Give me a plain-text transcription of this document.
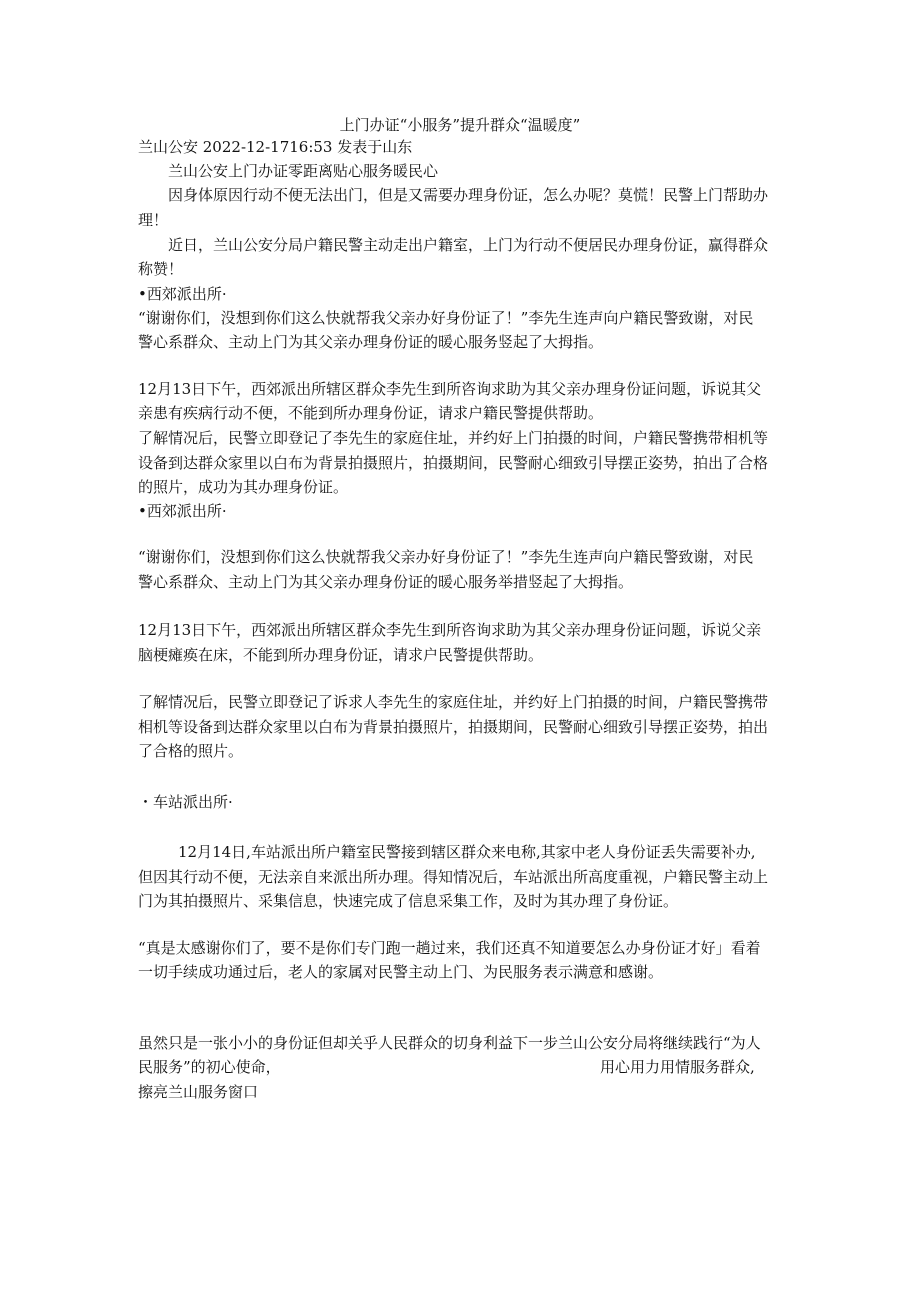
上门办证“小服务”提升群众“温暖度”

兰山公安 2022-12-1716:53 发表于山东

兰山公安上门办证零距离贴心服务暖民心

因身体原因行动不便无法出门，但是又需要办理身份证，怎么办呢？莫慌！民警上门帮助办

理！

近日，兰山公安分局户籍民警主动走出户籍室，上门为行动不便居民办理身份证，赢得群众

称赞！

•西郊派出所·

“谢谢你们，没想到你们这么快就帮我父亲办好身份证了！”李先生连声向户籍民警致谢，对民

警心系群众、主动上门为其父亲办理身份证的暖心服务竖起了大拇指。

12月13日下午，西郊派出所辖区群众李先生到所咨询求助为其父亲办理身份证问题，诉说其父

亲患有疾病行动不便，不能到所办理身份证，请求户籍民警提供帮助。

了解情况后，民警立即登记了李先生的家庭住址，并约好上门拍摄的时间，户籍民警携带相机等

设备到达群众家里以白布为背景拍摄照片，拍摄期间，民警耐心细致引导摆正姿势，拍出了合格

的照片，成功为其办理身份证。

•西郊派出所·

“谢谢你们，没想到你们这么快就帮我父亲办好身份证了！”李先生连声向户籍民警致谢，对民

警心系群众、主动上门为其父亲办理身份证的暖心服务举措竖起了大拇指。

12月13日下午，西郊派出所辖区群众李先生到所咨询求助为其父亲办理身份证问题，诉说父亲

脑梗瘫痪在床，不能到所办理身份证，请求户民警提供帮助。

了解情况后，民警立即登记了诉求人李先生的家庭住址，并约好上门拍摄的时间，户籍民警携带

相机等设备到达群众家里以白布为背景拍摄照片，拍摄期间，民警耐心细致引导摆正姿势，拍出

了合格的照片。

・车站派出所·

12月14日,车站派出所户籍室民警接到辖区群众来电称,其家中老人身份证丢失需要补办,

但因其行动不便，无法亲自来派出所办理。得知情况后，车站派出所高度重视，户籍民警主动上

门为其拍摄照片、采集信息，快速完成了信息采集工作，及时为其办理了身份证。

“真是太感谢你们了，要不是你们专门跑一趟过来，我们还真不知道要怎么办身份证才好」看着

一切手续成功通过后，老人的家属对民警主动上门、为民服务表示满意和感谢。

虽然只是一张小小的身份证但却关乎人民群众的切身利益下一步兰山公安分局将继续践行“为人

民服务”的初心使命，	用心用力用情服务群众,

擦亮兰山服务窗口
